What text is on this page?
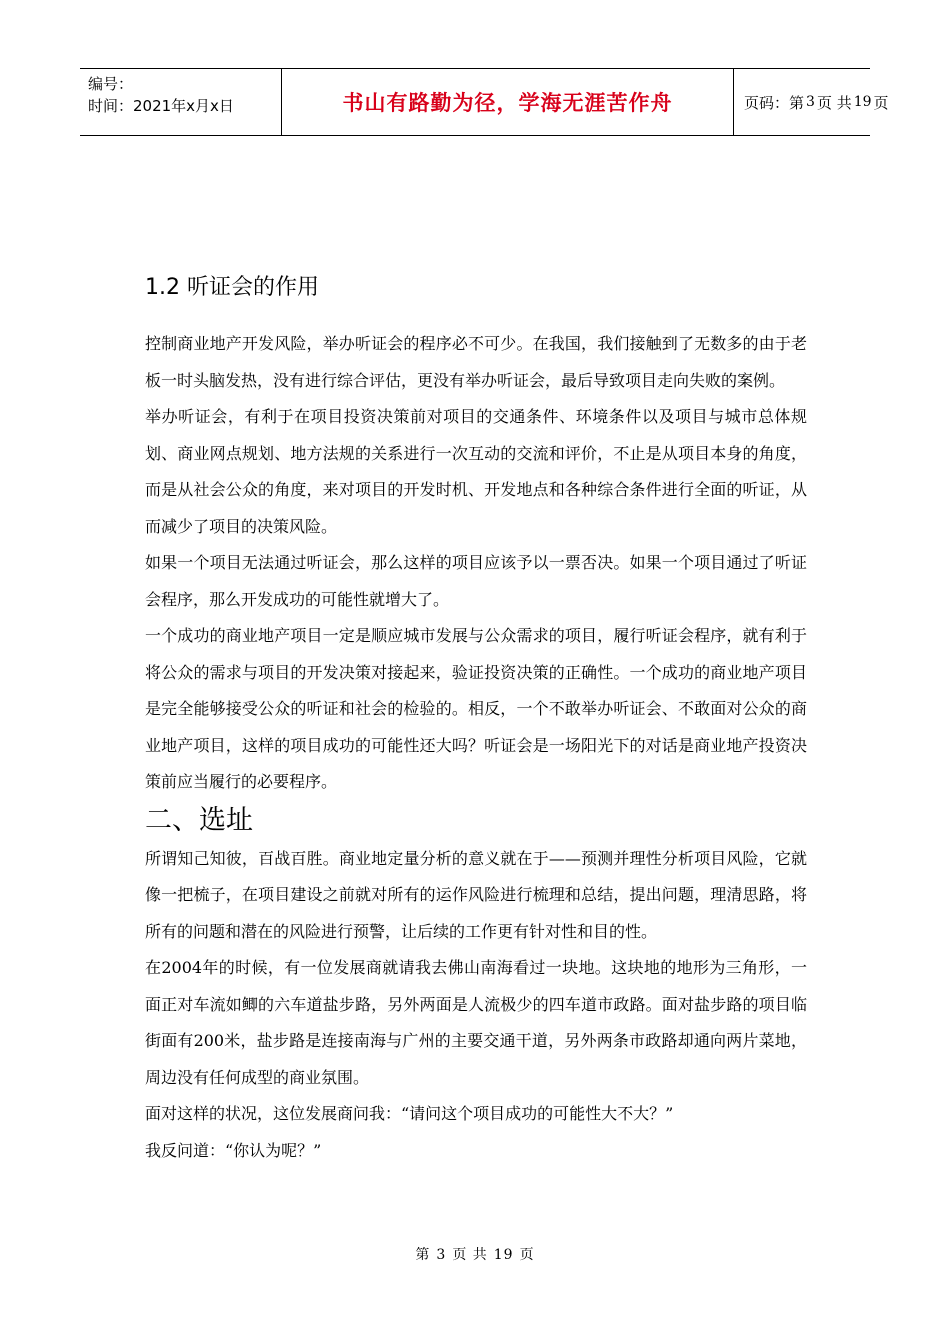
编号：
时间：2021年x月x日	书山有路勤为径，学海无涯苦作舟	页码：第 3 页 共 19 页
1.2 听证会的作用

控制商业地产开发风险，举办听证会的程序必不可少。在我国，我们接触到了无数多的由于老板一时头脑发热，没有进行综合评估，更没有举办听证会，最后导致项目走向失败的案例。

举办听证会，有利于在项目投资决策前对项目的交通条件、环境条件以及项目与城市总体规划、商业网点规划、地方法规的关系进行一次互动的交流和评价，不止是从项目本身的角度，而是从社会公众的角度，来对项目的开发时机、开发地点和各种综合条件进行全面的听证，从而减少了项目的决策风险。

如果一个项目无法通过听证会，那么这样的项目应该予以一票否决。如果一个项目通过了听证会程序，那么开发成功的可能性就增大了。

一个成功的商业地产项目一定是顺应城市发展与公众需求的项目，履行听证会程序，就有利于将公众的需求与项目的开发决策对接起来，验证投资决策的正确性。一个成功的商业地产项目是完全能够接受公众的听证和社会的检验的。相反，一个不敢举办听证会、不敢面对公众的商业地产项目，这样的项目成功的可能性还大吗？听证会是一场阳光下的对话是商业地产投资决策前应当履行的必要程序。

二、选址

所谓知己知彼，百战百胜。商业地定量分析的意义就在于——预测并理性分析项目风险，它就像一把梳子，在项目建设之前就对所有的运作风险进行梳理和总结，提出问题，理清思路，将所有的问题和潜在的风险进行预警，让后续的工作更有针对性和目的性。

在2004年的时候，有一位发展商就请我去佛山南海看过一块地。这块地的地形为三角形，一面正对车流如鲫的六车道盐步路，另外两面是人流极少的四车道市政路。面对盐步路的项目临街面有200米，盐步路是连接南海与广州的主要交通干道，另外两条市政路却通向两片菜地，周边没有任何成型的商业氛围。

面对这样的状况，这位发展商问我：“请问这个项目成功的可能性大不大？”

我反问道：“你认为呢？”

第 3 页 共 19 页
